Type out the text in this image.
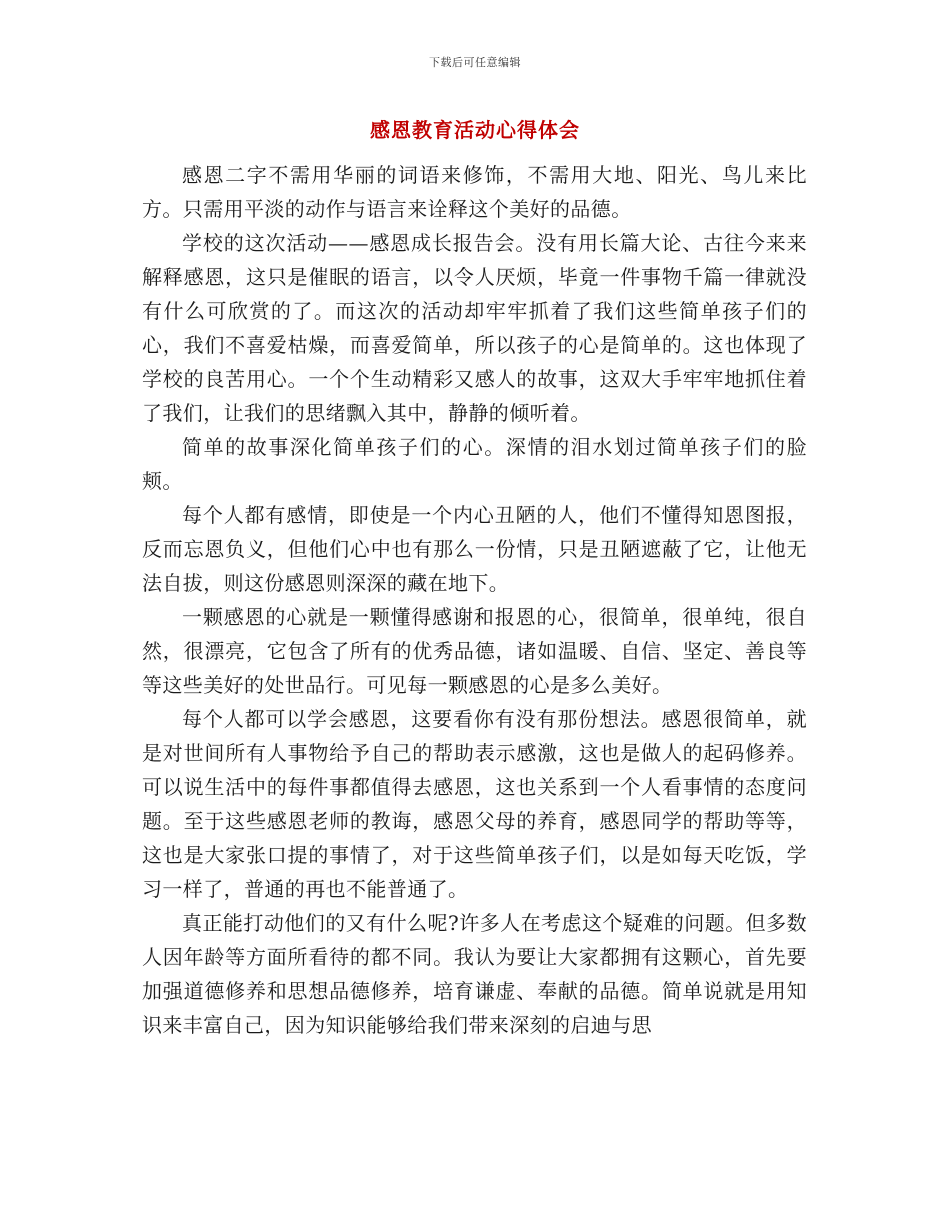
下载后可任意编辑
感恩教育活动心得体会

感恩二字不需用华丽的词语来修饰，不需用大地、阳光、鸟儿来比方。只需用平淡的动作与语言来诠释这个美好的品德。

学校的这次活动——感恩成长报告会。没有用长篇大论、古往今来来解释感恩，这只是催眠的语言，以令人厌烦，毕竟一件事物千篇一律就没有什么可欣赏的了。而这次的活动却牢牢抓着了我们这些简单孩子们的心，我们不喜爱枯燥，而喜爱简单，所以孩子的心是简单的。这也体现了学校的良苦用心。一个个生动精彩又感人的故事，这双大手牢牢地抓住着了我们，让我们的思绪飘入其中，静静的倾听着。

简单的故事深化简单孩子们的心。深情的泪水划过简单孩子们的脸颊。

每个人都有感情，即使是一个内心丑陋的人，他们不懂得知恩图报，反而忘恩负义，但他们心中也有那么一份情，只是丑陋遮蔽了它，让他无法自拔，则这份感恩则深深的藏在地下。

一颗感恩的心就是一颗懂得感谢和报恩的心，很简单，很单纯，很自然，很漂亮，它包含了所有的优秀品德，诸如温暖、自信、坚定、善良等等这些美好的处世品行。可见每一颗感恩的心是多么美好。

每个人都可以学会感恩，这要看你有没有那份想法。感恩很简单，就是对世间所有人事物给予自己的帮助表示感激，这也是做人的起码修养。可以说生活中的每件事都值得去感恩，这也关系到一个人看事情的态度问题。至于这些感恩老师的教诲，感恩父母的养育，感恩同学的帮助等等，这也是大家张口提的事情了，对于这些简单孩子们，以是如每天吃饭，学习一样了，普通的再也不能普通了。

真正能打动他们的又有什么呢?许多人在考虑这个疑难的问题。但多数人因年龄等方面所看待的都不同。我认为要让大家都拥有这颗心，首先要加强道德修养和思想品德修养，培育谦虚、奉献的品德。简单说就是用知识来丰富自己，因为知识能够给我们带来深刻的启迪与思
